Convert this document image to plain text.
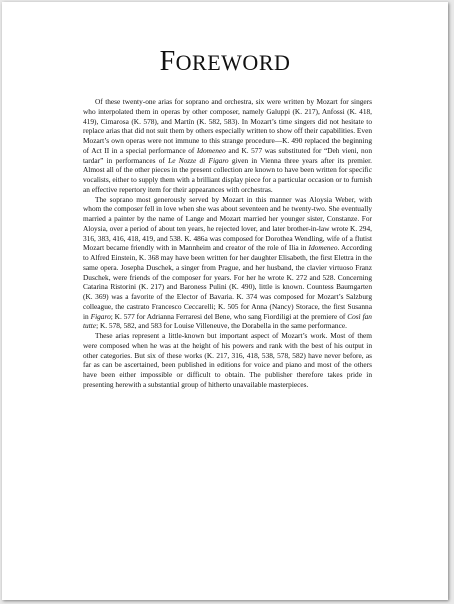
FOREWORD

Of these twenty-one arias for soprano and orchestra, six were written by Mozart for singers who interpolated them in operas by other composer, namely Galuppi (K. 217), Anfossi (K. 418, 419), Cimarosa (K. 578), and Martín (K. 582, 583). In Mozart’s time singers did not hesitate to replace arias that did not suit them by others especially written to show off their capabilities. Even Mozart’s own operas were not immune to this strange procedure—K. 490 replaced the beginning of Act II in a special performance of Idomeneo and K. 577 was substituted for “Deh vieni, non tardar” in performances of Le Nozze di Figaro given in Vienna three years after its premier. Almost all of the other pieces in the present collection are known to have been written for specific vocalists, either to supply them with a brilliant display piece for a particular occasion or to furnish an effective repertory item for their appearances with orchestras.

The soprano most generously served by Mozart in this manner was Aloysia Weber, with whom the composer fell in love when she was about seventeen and he twenty-two. She eventually married a painter by the name of Lange and Mozart married her younger sister, Constanze. For Aloysia, over a period of about ten years, he rejected lover, and later brother-in-law wrote K. 294, 316, 383, 416, 418, 419, and 538. K. 486a was composed for Dorothea Wendling, wife of a flutist Mozart became friendly with in Mannheim and creator of the role of Ilia in Idomeneo. According to Alfred Einstein, K. 368 may have been written for her daughter Elisabeth, the first Elettra in the same opera. Josepha Duschek, a singer from Prague, and her husband, the clavier virtuoso Franz Duschek, were friends of the composer for years. For her he wrote K. 272 and 528. Concerning Catarina Ristorini (K. 217) and Baroness Pulini (K. 490), little is known. Countess Baumgarten (K. 369) was a favorite of the Elector of Bavaria. K. 374 was composed for Mozart’s Salzburg colleague, the castrato Francesco Ceccarelli; K. 505 for Anna (Nancy) Storace, the first Susanna in Figaro; K. 577 for Adrianna Ferraresi del Bene, who sang Fiordiligi at the premiere of Così fan tutte; K. 578, 582, and 583 for Louise Villeneuve, the Dorabella in the same performance.

These arias represent a little-known but important aspect of Mozart’s work. Most of them were composed when he was at the height of his powers and rank with the best of his output in other categories. But six of these works (K. 217, 316, 418, 538, 578, 582) have never before, as far as can be ascertained, been published in editions for voice and piano and most of the others have been either impossible or difficult to obtain. The publisher therefore takes pride in presenting herewith a substantial group of hitherto unavailable masterpieces.
